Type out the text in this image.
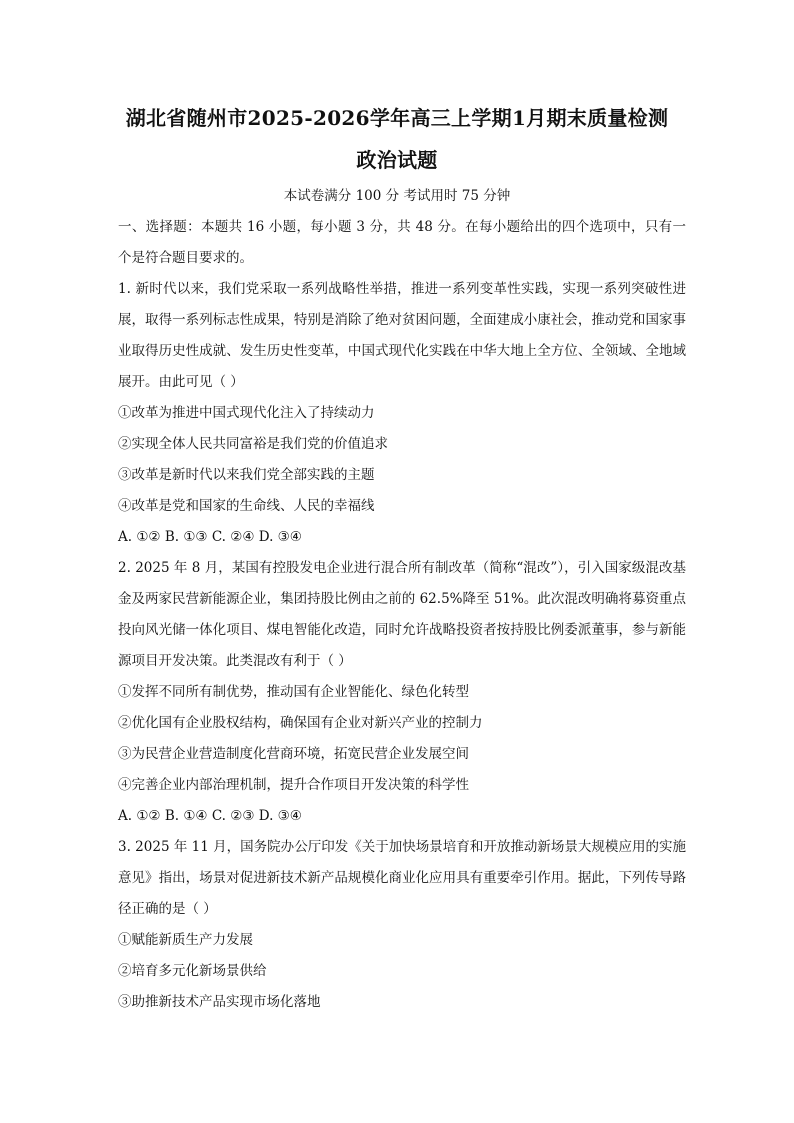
湖北省随州市2025-2026学年高三上学期1月期末质量检测
政治试题
本试卷满分 100 分 考试用时 75 分钟

一、选择题：本题共 16 小题，每小题 3 分，共 48 分。在每小题给出的四个选项中，只有一个是符合题目要求的。

1. 新时代以来，我们党采取一系列战略性举措，推进一系列变革性实践，实现一系列突破性进展，取得一系列标志性成果，特别是消除了绝对贫困问题，全面建成小康社会，推动党和国家事业取得历史性成就、发生历史性变革，中国式现代化实践在中华大地上全方位、全领域、全地域展开。由此可见（ ）

①改革为推进中国式现代化注入了持续动力

②实现全体人民共同富裕是我们党的价值追求

③改革是新时代以来我们党全部实践的主题

④改革是党和国家的生命线、人民的幸福线

A. ①② B. ①③ C. ②④ D. ③④

2. 2025 年 8 月，某国有控股发电企业进行混合所有制改革（简称“混改”），引入国家级混改基金及两家民营新能源企业，集团持股比例由之前的 62.5%降至 51%。此次混改明确将募资重点投向风光储一体化项目、煤电智能化改造，同时允许战略投资者按持股比例委派董事，参与新能源项目开发决策。此类混改有利于（ ）

①发挥不同所有制优势，推动国有企业智能化、绿色化转型

②优化国有企业股权结构，确保国有企业对新兴产业的控制力

③为民营企业营造制度化营商环境，拓宽民营企业发展空间

④完善企业内部治理机制，提升合作项目开发决策的科学性

A. ①② B. ①④ C. ②③ D. ③④

3. 2025 年 11 月，国务院办公厅印发《关于加快场景培育和开放推动新场景大规模应用的实施意见》指出，场景对促进新技术新产品规模化商业化应用具有重要牵引作用。据此，下列传导路径正确的是（ ）

①赋能新质生产力发展

②培育多元化新场景供给

③助推新技术产品实现市场化落地
